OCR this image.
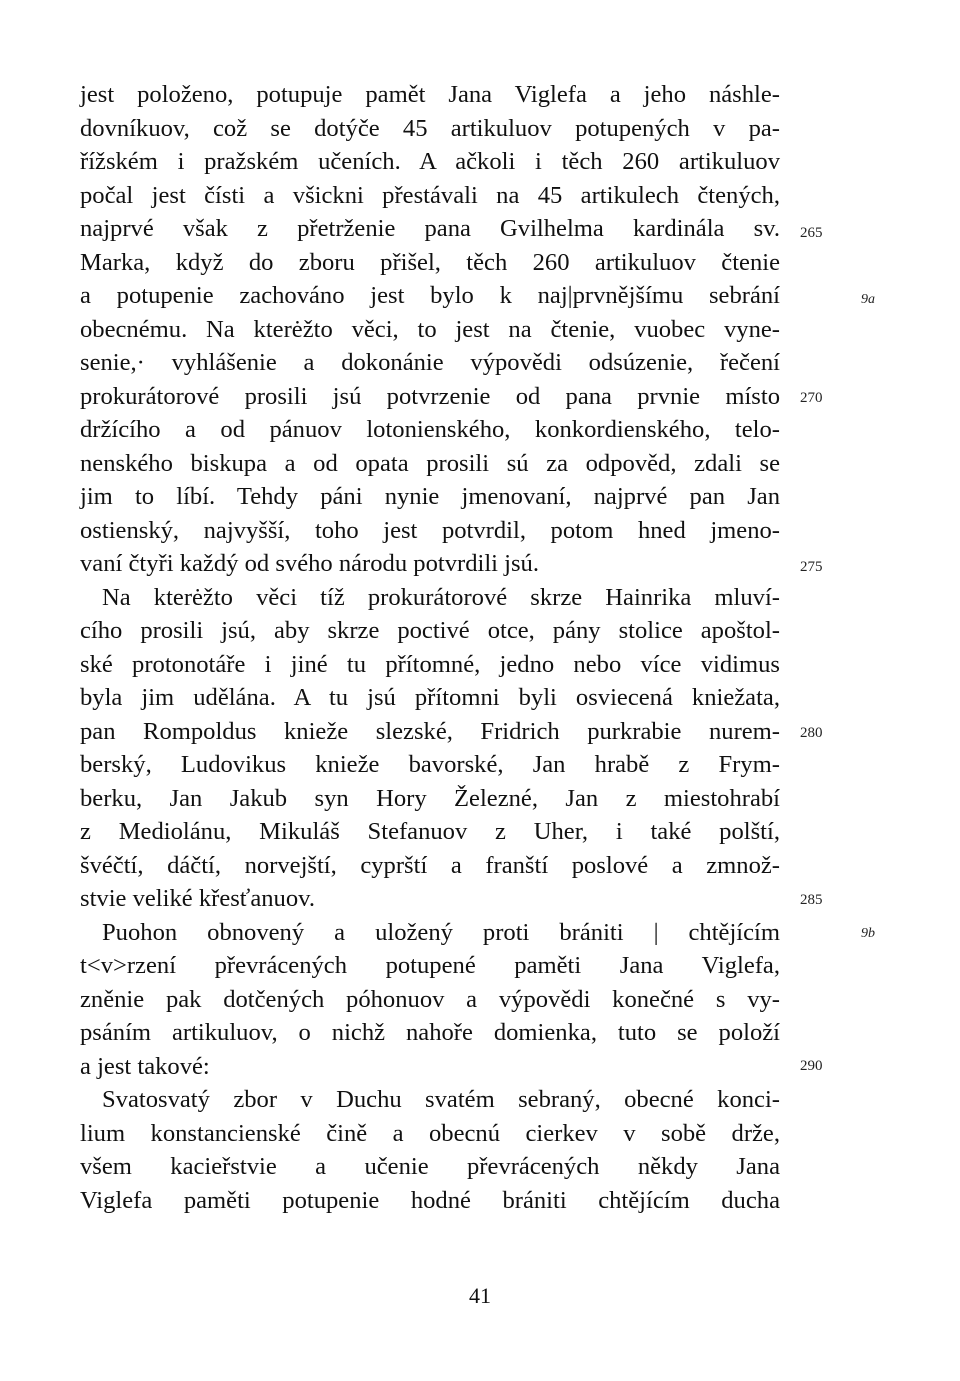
jest položeno, potupuje pamět Jana Viglefa a jeho náshle-
dovníkuov, což se dotýče 45 artikuluov potupených v pa-
řížském i pražském učeních. A ačkoli i těch 260 artikuluov
počal jest čísti a všickni přestávali na 45 artikulech čtených,
najprvé však z přetrženie pana Gvilhelma kardinála sv.
Marka, když do zboru přišel, těch 260 artikuluov čtenie
a potupenie zachováno jest bylo k naj|prvnějšímu sebrání
obecnému. Na kterėžto věci, to jest na čtenie, vuobec vyne-
senie,· vyhlášenie a dokonánie výpovědi odsúzenie, řečení
prokurátorové prosili jsú potvrzenie od pana prvnie místo
držícího a od pánuov lotonienského, konkordienského, telo-
nenského biskupa a od opata prosili sú za odpověd, zdali se
jim to líbí. Tehdy páni nynie jmenovaní, najprvé pan Jan
ostienský, najvyšší, toho jest potvrdil, potom hned jmeno-
vaní čtyři každý od svého národu potvrdili jsú.
Na kterėžto věci tíž prokurátorové skrze Hainrika mluví-
cího prosili jsú, aby skrze poctivé otce, pány stolice apoštol-
ské protonotáře i jiné tu přítomné, jedno nebo více vidimus
byla jim udělána. A tu jsú přítomni byli osviecená kniežata,
pan Rompoldus knieže slezské, Fridrich purkrabie nurem-
berský, Ludovikus knieže bavorské, Jan hrabě z Frym-
berku, Jan Jakub syn Hory Železné, Jan z miestohrabí
z Mediolánu, Mikuláš Stefanuov z Uher, i také polští,
švéčtí, dáčtí, norvejští, cyprští a franští poslové a zmnož-
stvie veliké křesťanuov.
Puohon obnovený a uložený proti brániti | chtějícím
t<v>rzení převrácených potupené paměti Jana Viglefa,
zněnie pak dotčených póhonuov a výpovědi konečné s vy-
psáním artikuluov, o nichž nahoře domienka, tuto se položí
a jest takové:
Svatosvatý zbor v Duchu svatém sebraný, obecné konci-
lium konstancienské čině a obecnú cierkev v sobě drže,
všem kacieřstvie a učenie převrácených někdy Jana
Viglefa paměti potupenie hodné brániti chtějícím ducha
265
270
275
280
285
290
9a
9b
41
